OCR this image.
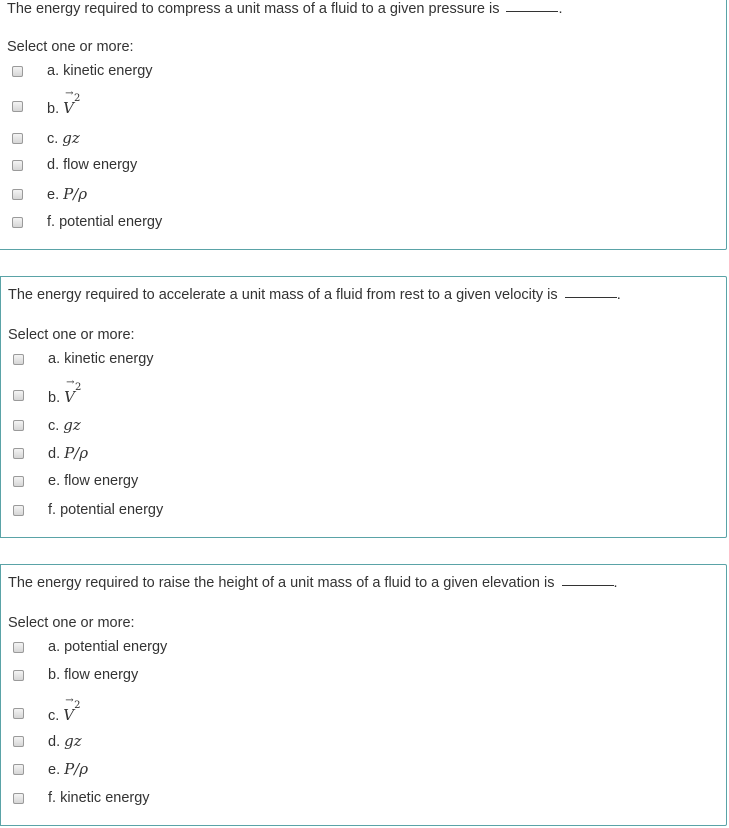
The energy required to compress a unit mass of a fluid to a given pressure is	.
Select one or more:
a. kinetic energy
b.
→
$V^2$
c. gz
d. flow energy
e. P/ρ
f. potential energy
The energy required to accelerate a unit mass of a fluid from rest to a given velocity is	.
Select one or more:
a. kinetic energy
b.
→
$V^2$
c. gz
d. P/ρ
e. flow energy
f. potential energy
The energy required to raise the height of a unit mass of a fluid to a given elevation is	.
Select one or more:
a. potential energy
b. flow energy
c.
→
$V^2$
d. gz
e. P/ρ
f. kinetic energy
